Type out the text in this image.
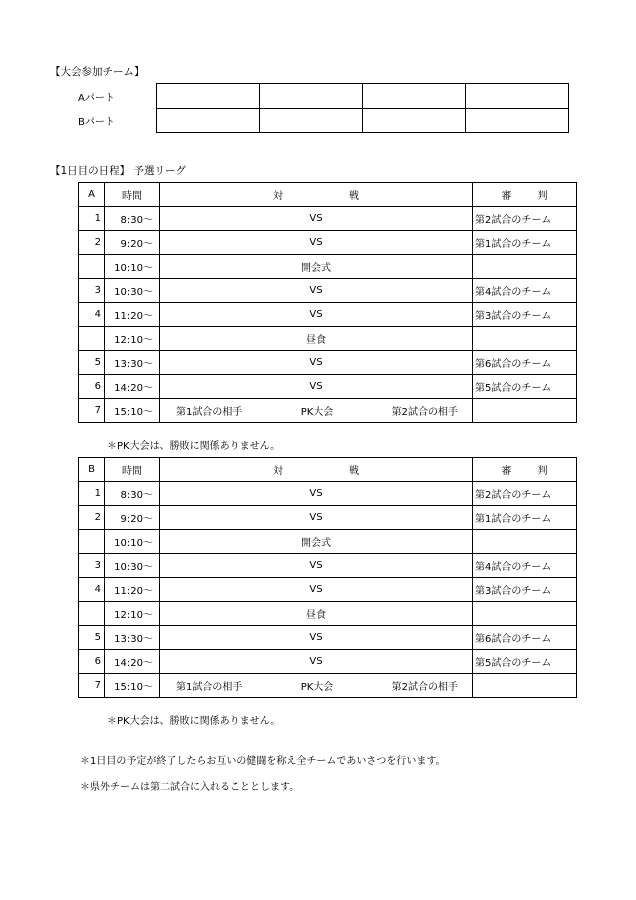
【大会参加チーム】
Aパート				
Bパート				
【1日目の日程】 予選リーグ
A	時間	対 戦	審 判
1	8:30〜	VS	第2試合のチーム
2	9:20〜	VS	第1試合のチーム
	10:10〜	開会式	
3	10:30〜	VS	第4試合のチーム
4	11:20〜	VS	第3試合のチーム
	12:10〜	昼食	
5	13:30〜	VS	第6試合のチーム
6	14:20〜	VS	第5試合のチーム
7	15:10〜	第1試合の相手 PK大会 第2試合の相手	

＊PK大会は、勝敗に関係ありません。
B	時間	対 戦	審 判
1	8:30〜	VS	第2試合のチーム
2	9:20〜	VS	第1試合のチーム
	10:10〜	開会式	
3	10:30〜	VS	第4試合のチーム
4	11:20〜	VS	第3試合のチーム
	12:10〜	昼食	
5	13:30〜	VS	第6試合のチーム
6	14:20〜	VS	第5試合のチーム
7	15:10〜	第1試合の相手 PK大会 第2試合の相手	

＊PK大会は、勝敗に関係ありません。
＊1日目の予定が終了したらお互いの健闘を称え全チームであいさつを行います。
＊県外チームは第二試合に入れることとします。
